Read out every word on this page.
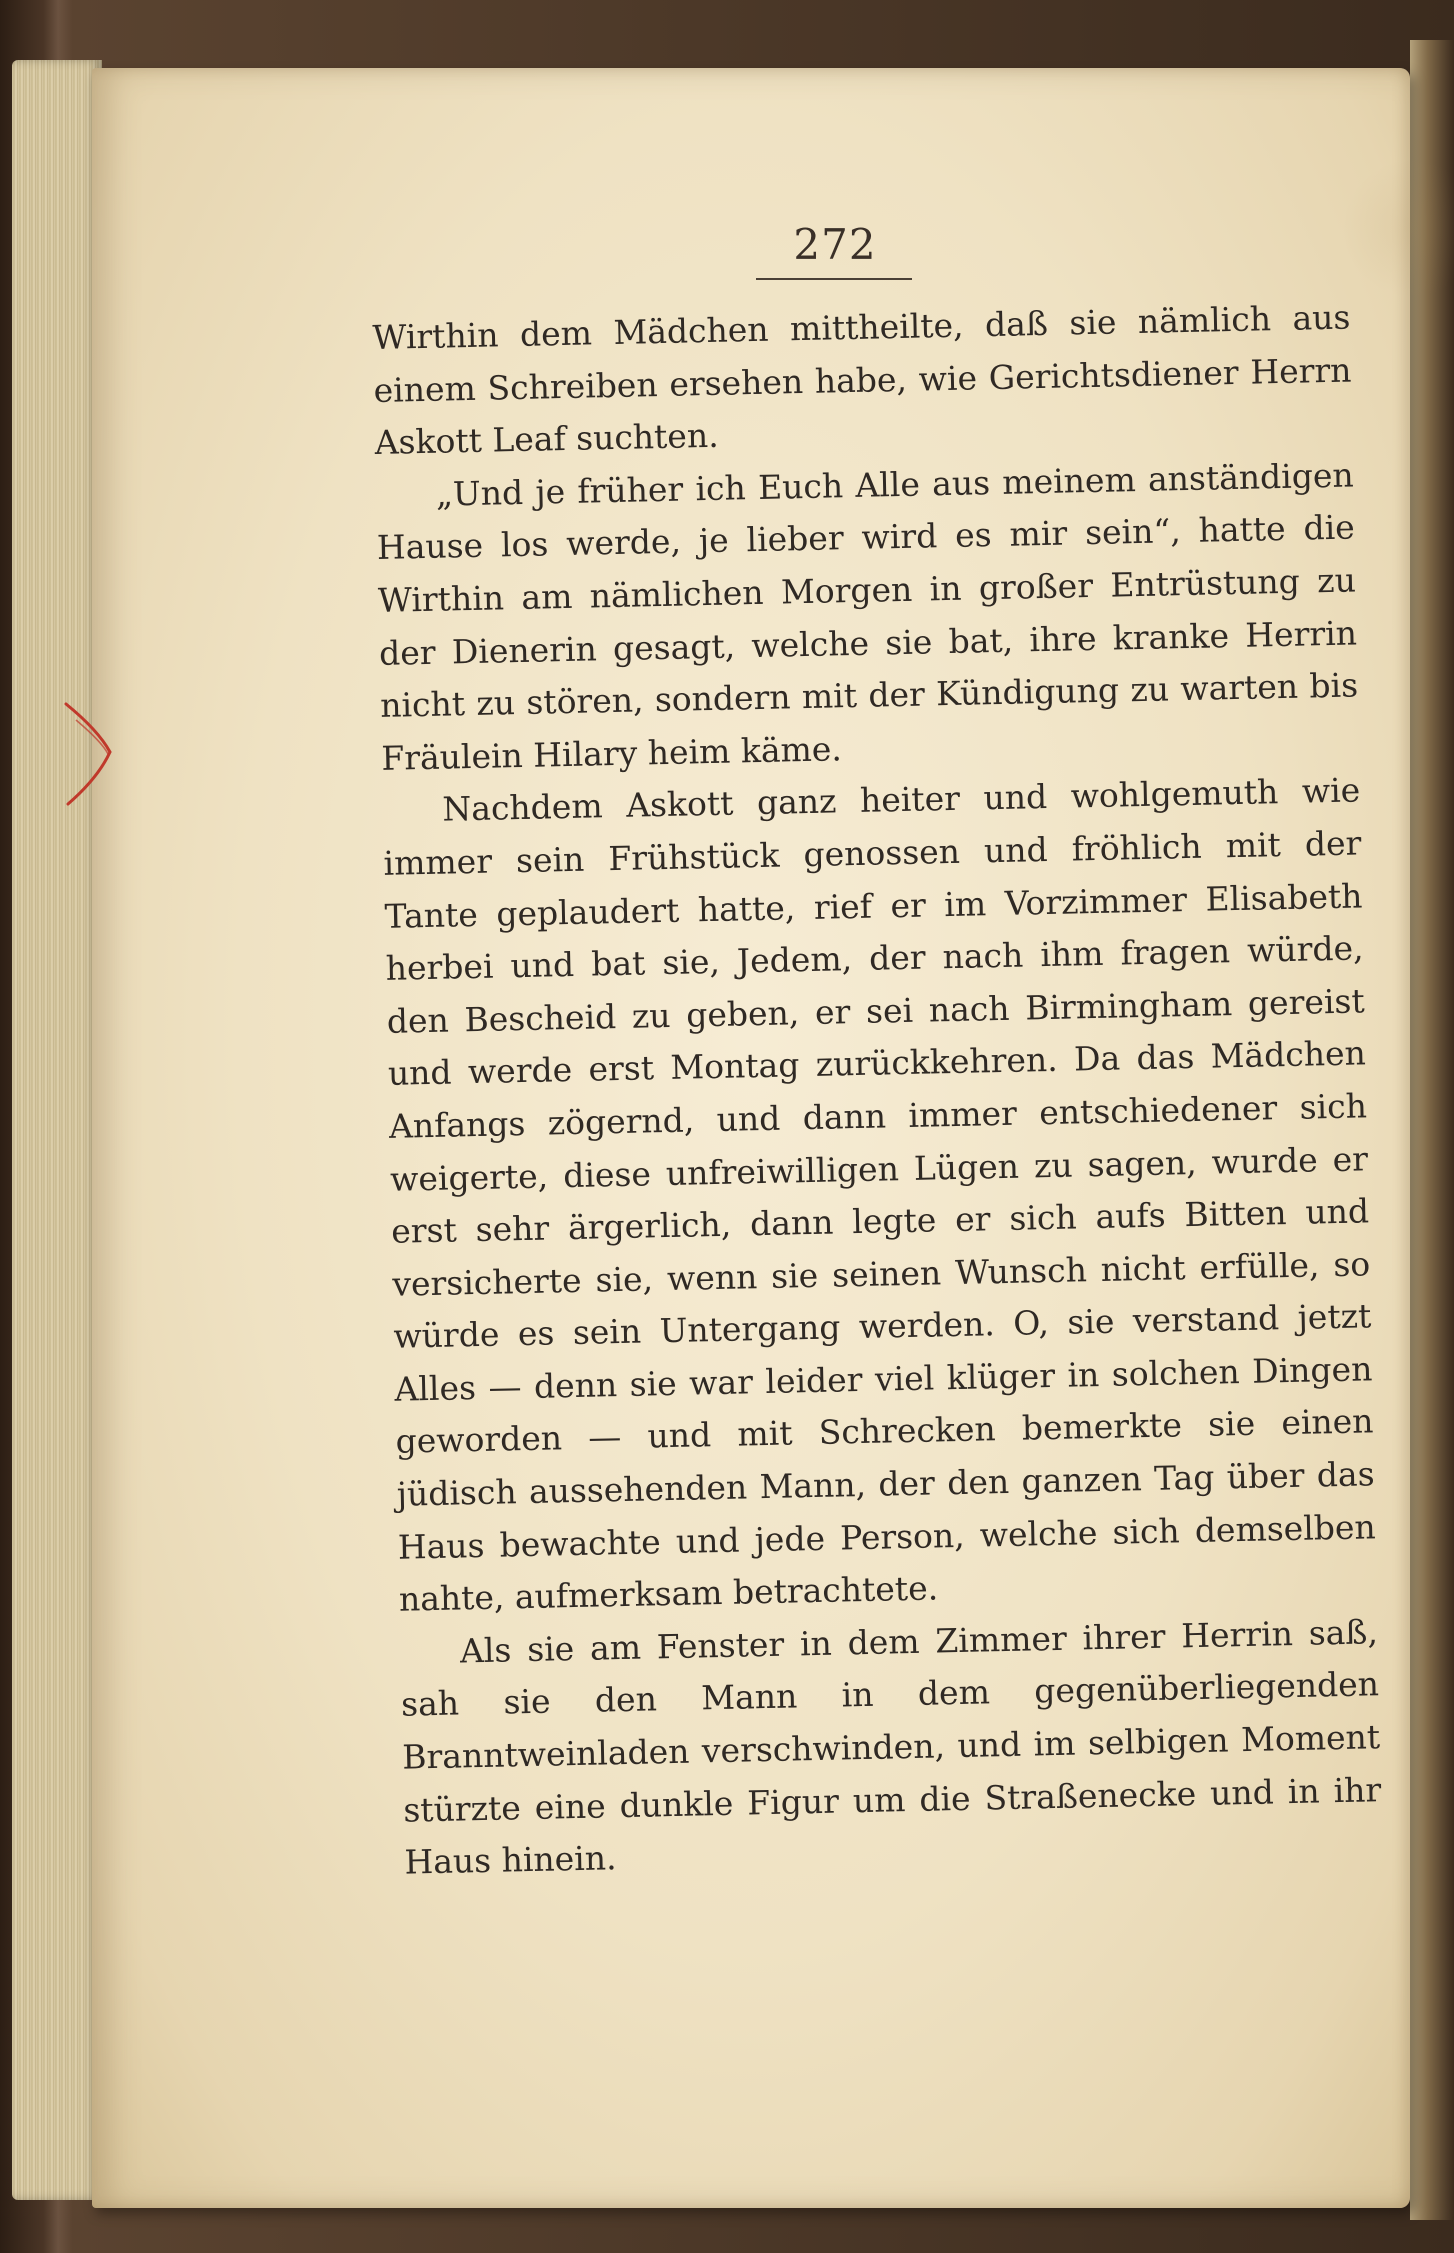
272

Wirthin dem Mädchen mittheilte, daß sie nämlich aus einem Schreiben ersehen habe, wie Gerichtsdiener Herrn Askott Leaf suchten.

„Und je früher ich Euch Alle aus meinem anständigen Hause los werde, je lieber wird es mir sein“, hatte die Wirthin am nämlichen Morgen in großer Entrüstung zu der Dienerin gesagt, welche sie bat, ihre kranke Herrin nicht zu stören, sondern mit der Kündigung zu warten bis Fräulein Hilary heim käme.

Nachdem Askott ganz heiter und wohlgemuth wie immer sein Frühstück genossen und fröhlich mit der Tante geplaudert hatte, rief er im Vorzimmer Elisabeth herbei und bat sie, Jedem, der nach ihm fragen würde, den Bescheid zu geben, er sei nach Birmingham gereist und werde erst Montag zurückkehren. Da das Mädchen Anfangs zögernd, und dann immer entschiedener sich weigerte, diese unfreiwilligen Lügen zu sagen, wurde er erst sehr ärgerlich, dann legte er sich aufs Bitten und versicherte sie, wenn sie seinen Wunsch nicht erfülle, so würde es sein Untergang werden. O, sie verstand jetzt Alles — denn sie war leider viel klüger in solchen Dingen geworden — und mit Schrecken bemerkte sie einen jüdisch aussehenden Mann, der den ganzen Tag über das Haus bewachte und jede Person, welche sich demselben nahte, aufmerksam betrachtete.

Als sie am Fenster in dem Zimmer ihrer Herrin saß, sah sie den Mann in dem gegenüberliegenden Branntweinladen verschwinden, und im selbigen Moment stürzte eine dunkle Figur um die Straßenecke und in ihr Haus hinein.
